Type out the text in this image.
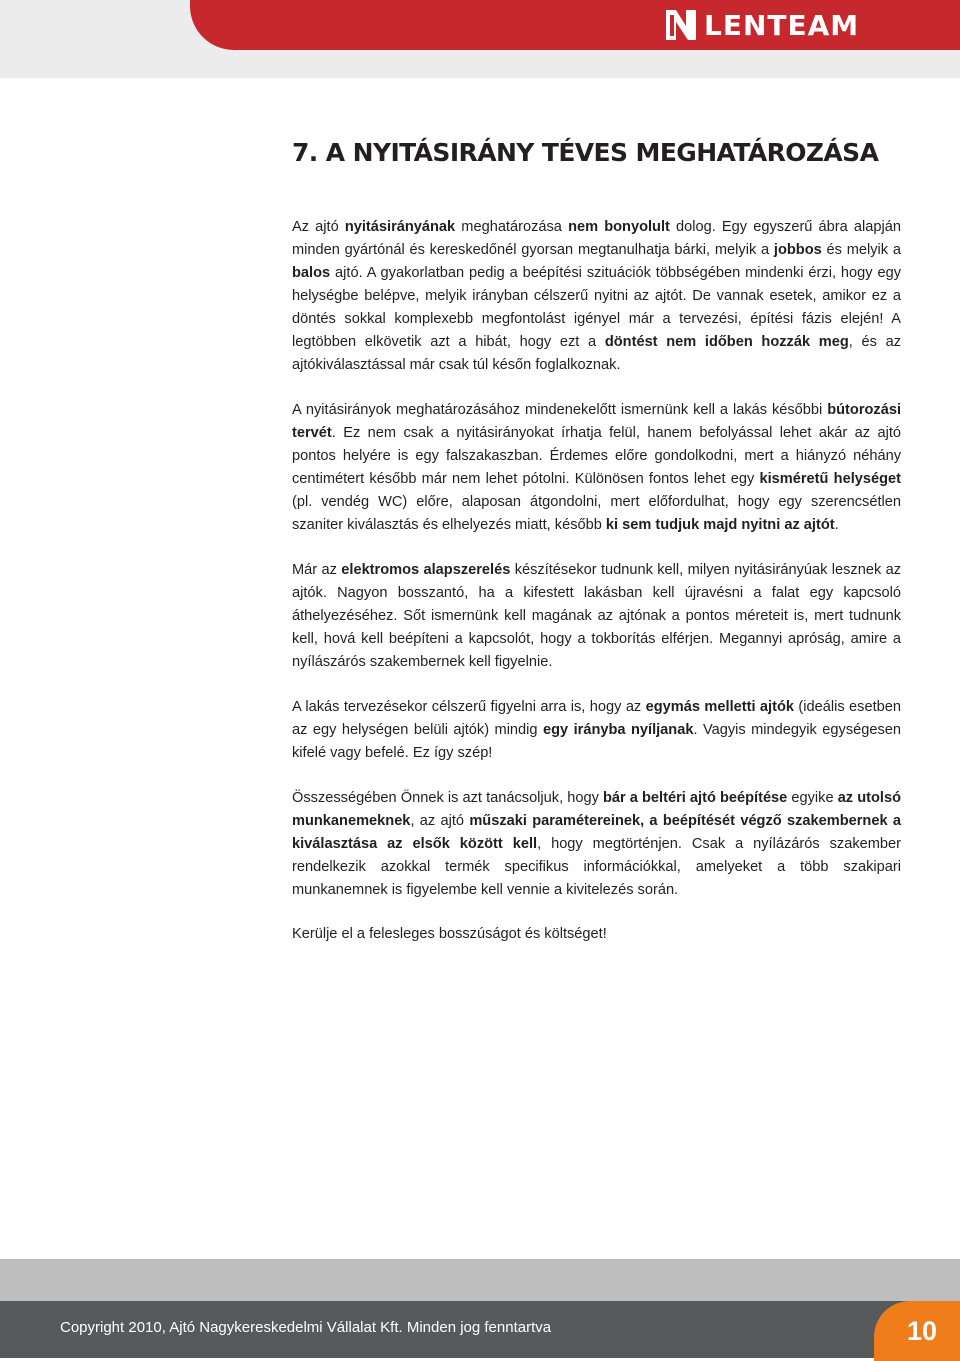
LENTEAM
7. A NYITÁSIRÁNY TÉVES MEGHATÁROZÁSA

Az ajtó nyitásirányának meghatározása nem bonyolult dolog. Egy egyszerű ábra alapján minden gyártónál és kereskedőnél gyorsan megtanulhatja bárki, melyik a jobbos és melyik a balos ajtó. A gyakorlatban pedig a beépítési szituációk többségében mindenki érzi, hogy egy helységbe belépve, melyik irányban célszerű nyitni az ajtót. De vannak esetek, amikor ez a döntés sokkal komplexebb megfontolást igényel már a tervezési, építési fázis elején! A legtöbben elkövetik azt a hibát, hogy ezt a döntést nem időben hozzák meg, és az ajtókiválasztással már csak túl későn foglalkoznak.

A nyitásirányok meghatározásához mindenekelőtt ismernünk kell a lakás későbbi bútorozási tervét. Ez nem csak a nyitásirányokat írhatja felül, hanem befolyással lehet akár az ajtó pontos helyére is egy falszakaszban. Érdemes előre gondolkodni, mert a hiányzó néhány centimétert később már nem lehet pótolni. Különösen fontos lehet egy kisméretű helységet (pl. vendég WC) előre, alaposan átgondolni, mert előfordulhat, hogy egy szerencsétlen szaniter kiválasztás és elhelyezés miatt, később ki sem tudjuk majd nyitni az ajtót.

Már az elektromos alapszerelés készítésekor tudnunk kell, milyen nyitásirányúak lesznek az ajtók. Nagyon bosszantó, ha a kifestett lakásban kell újravésni a falat egy kapcsoló áthelyezéséhez. Sőt ismernünk kell magának az ajtónak a pontos méreteit is, mert tudnunk kell, hová kell beépíteni a kapcsolót, hogy a tokborítás elférjen. Megannyi apróság, amire a nyílászárós szakembernek kell figyelnie.

A lakás tervezésekor célszerű figyelni arra is, hogy az egymás melletti ajtók (ideális esetben az egy helységen belüli ajtók) mindig egy irányba nyíljanak. Vagyis mindegyik egységesen kifelé vagy befelé. Ez így szép!

Összességében Önnek is azt tanácsoljuk, hogy bár a beltéri ajtó beépítése egyike az utolsó munkanemeknek, az ajtó műszaki paramétereinek, a beépítését végző szakembernek a kiválasztása az elsők között kell, hogy megtörténjen. Csak a nyílázárós szakember rendelkezik azokkal termék specifikus információkkal, amelyeket a több szakipari munkanemnek is figyelembe kell vennie a kivitelezés során.

Kerülje el a felesleges bosszúságot és költséget!

Copyright 2010, Ajtó Nagykereskedelmi Vállalat Kft. Minden jog fenntartva	10
